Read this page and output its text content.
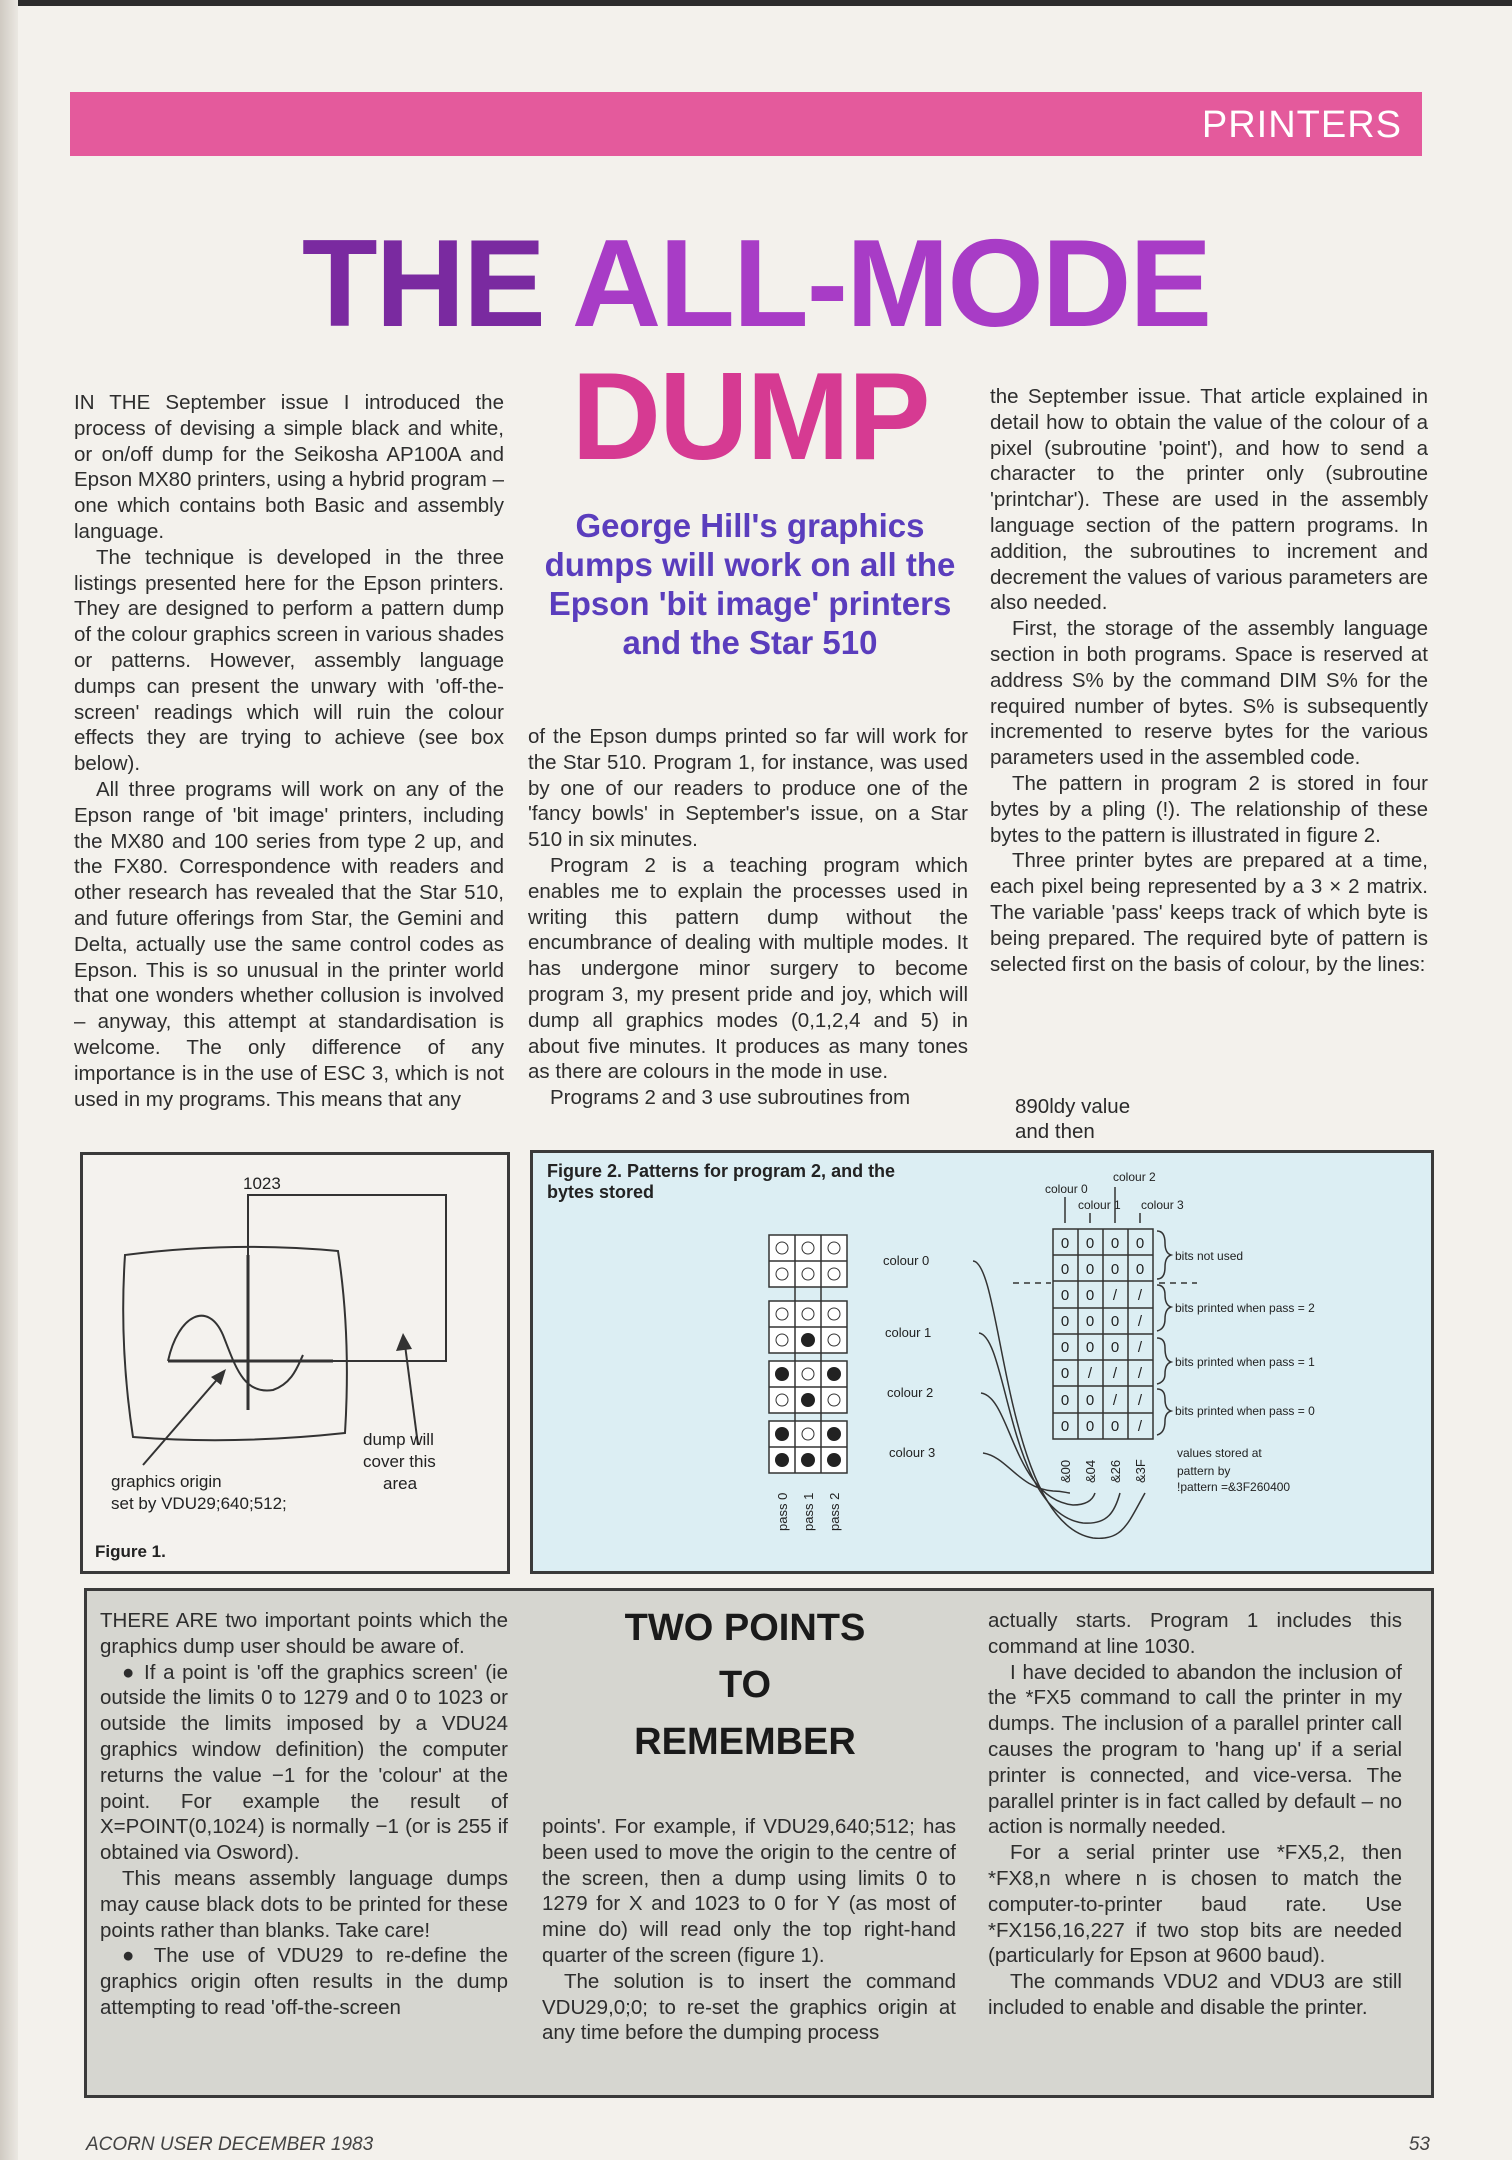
PRINTERS
THE ALL-MODE
DUMP
George Hill's graphics dumps will work on all the Epson 'bit image' printers and the Star 510

IN THE September issue I introduced the process of devising a simple black and white, or on/off dump for the Seikosha AP100A and Epson MX80 printers, using a hybrid program – one which contains both Basic and assembly language.

The technique is developed in the three listings presented here for the Epson printers. They are designed to perform a pattern dump of the colour graphics screen in various shades or patterns. However, assembly language dumps can present the unwary with 'off-the-screen' readings which will ruin the colour effects they are trying to achieve (see box below).

All three programs will work on any of the Epson range of 'bit image' printers, including the MX80 and 100 series from type 2 up, and the FX80. Correspondence with readers and other research has revealed that the Star 510, and future offerings from Star, the Gemini and Delta, actually use the same control codes as Epson. This is so unusual in the printer world that one wonders whether collusion is involved – anyway, this attempt at standardisation is welcome. The only difference of any importance is in the use of ESC 3, which is not used in my programs. This means that any

of the Epson dumps printed so far will work for the Star 510. Program 1, for instance, was used by one of our readers to produce one of the 'fancy bowls' in September's issue, on a Star 510 in six minutes.

Program 2 is a teaching program which enables me to explain the processes used in writing this pattern dump without the encumbrance of dealing with multiple modes. It has undergone minor surgery to become program 3, my present pride and joy, which will dump all graphics modes (0,1,2,4 and 5) in about five minutes. It produces as many tones as there are colours in the mode in use.

Programs 2 and 3 use subroutines from

the September issue. That article explained in detail how to obtain the value of the colour of a pixel (subroutine 'point'), and how to send a character to the printer only (subroutine 'printchar'). These are used in the assembly language section of the pattern programs. In addition, the subroutines to increment and decrement the values of various parameters are also needed.

First, the storage of the assembly language section in both programs. Space is reserved at address S% by the command DIM S% for the required number of bytes. S% is subsequently incremented to reserve bytes for the various parameters used in the assembled code.

The pattern in program 2 is stored in four bytes by a pling (!). The relationship of these bytes to the pattern is illustrated in figure 2.

Three printer bytes are prepared at a time, each pixel being represented by a 3 × 2 matrix. The variable 'pass' keeps track of which byte is being prepared. The required byte of pattern is selected first on the basis of colour, by the lines:

890ldy value
and then
1023
dump will
cover this
area
graphics origin
set by VDU29;640;512;
Figure 1.
Figure 2. Patterns for program 2, and the
bytes stored
pass 0 pass 1 pass 2
colour 0
colour 1
colour 2
colour 3
0 0 0 0
0 0 0 0
0 0 / /
0 0 0 /
0 0 0 /
0 / / /
0 0 / /
0 0 0 /
colour 0
colour 1
colour 2
colour 3
bits not used
bits printed when pass = 2
bits printed when pass = 1
bits printed when pass = 0
&00 &04 &26 &3F
values stored at
pattern by
!pattern =&3F260400
TWO POINTS
TO
REMEMBER

THERE ARE two important points which the graphics dump user should be aware of.

● If a point is 'off the graphics screen' (ie outside the limits 0 to 1279 and 0 to 1023 or outside the limits imposed by a VDU24 graphics window definition) the computer returns the value −1 for the 'colour' at the point. For example the result of X=POINT(0,1024) is normally −1 (or is 255 if obtained via Osword).

This means assembly language dumps may cause black dots to be printed for these points rather than blanks. Take care!

● The use of VDU29 to re-define the graphics origin often results in the dump attempting to read 'off-the-screen

points'. For example, if VDU29,640;512; has been used to move the origin to the centre of the screen, then a dump using limits 0 to 1279 for X and 1023 to 0 for Y (as most of mine do) will read only the top right-hand quarter of the screen (figure 1).

The solution is to insert the command VDU29,0;0; to re-set the graphics origin at any time before the dumping process

actually starts. Program 1 includes this command at line 1030.

I have decided to abandon the inclusion of the *FX5 command to call the printer in my dumps. The inclusion of a parallel printer call causes the program to 'hang up' if a serial printer is connected, and vice-versa. The parallel printer is in fact called by default – no action is normally needed.

For a serial printer use *FX5,2, then *FX8,n where n is chosen to match the computer-to-printer baud rate. Use *FX156,16,227 if two stop bits are needed (particularly for Epson at 9600 baud).

The commands VDU2 and VDU3 are still included to enable and disable the printer.

ACORN USER DECEMBER 1983	53
